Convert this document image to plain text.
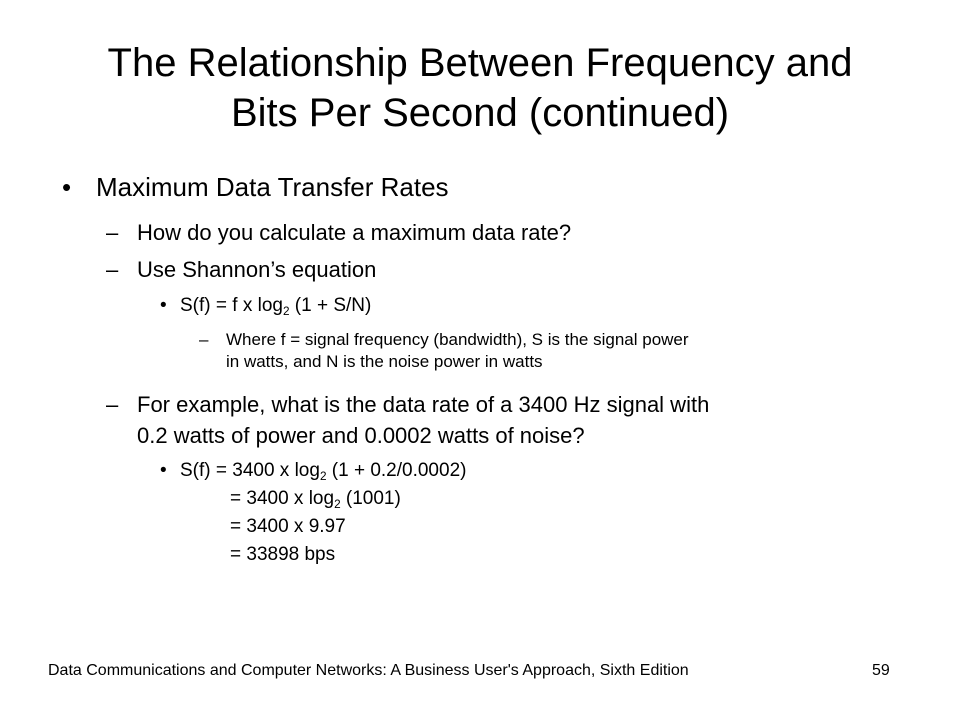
The Relationship Between Frequency and
Bits Per Second (continued)
• Maximum Data Transfer Rates
– How do you calculate a maximum data rate?
– Use Shannon’s equation
• S(f) = f x $\log_2 (1 + S/N)$
– Where f = signal frequency (bandwidth), S is the signal power
in watts, and N is the noise power in watts
– For example, what is the data rate of a 3400 Hz signal with
0.2 watts of power and 0.0002 watts of noise?
• S(f) = 3400 x $\log_2 (1 + 0.2/0.0002)$
= 3400 x $\log_2 (1001)$
= 3400 x 9.97
= 33898 bps
Data Communications and Computer Networks: A Business User's Approach, Sixth Edition	59
